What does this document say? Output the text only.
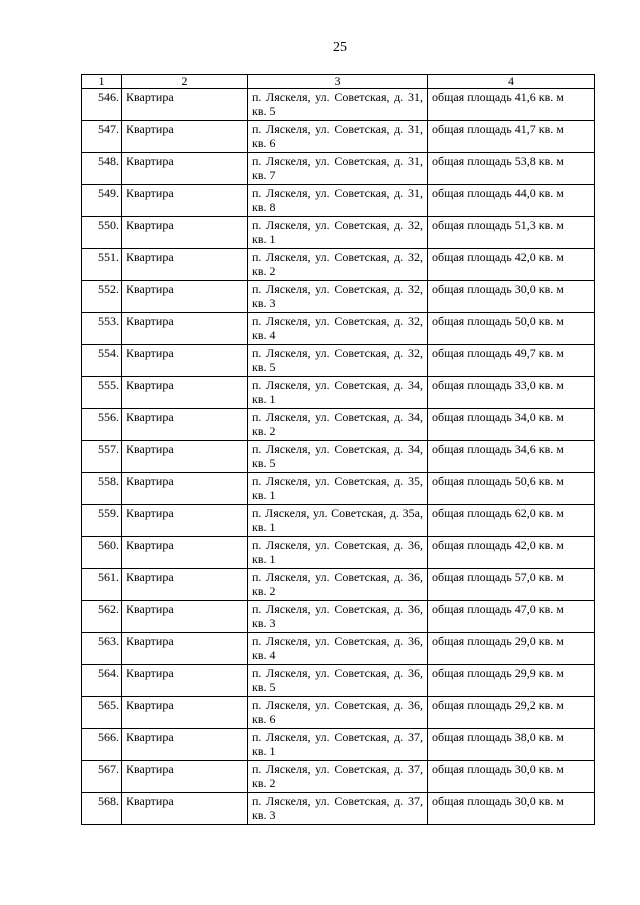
25
1	2	3	4
546.	Квартира	п. Ляскеля, ул. Советская, д. 31, кв. 5	общая площадь 41,6 кв. м
547.	Квартира	п. Ляскеля, ул. Советская, д. 31, кв. 6	общая площадь 41,7 кв. м
548.	Квартира	п. Ляскеля, ул. Советская, д. 31, кв. 7	общая площадь 53,8 кв. м
549.	Квартира	п. Ляскеля, ул. Советская, д. 31, кв. 8	общая площадь 44,0 кв. м
550.	Квартира	п. Ляскеля, ул. Советская, д. 32, кв. 1	общая площадь 51,3 кв. м
551.	Квартира	п. Ляскеля, ул. Советская, д. 32, кв. 2	общая площадь 42,0 кв. м
552.	Квартира	п. Ляскеля, ул. Советская, д. 32, кв. 3	общая площадь 30,0 кв. м
553.	Квартира	п. Ляскеля, ул. Советская, д. 32, кв. 4	общая площадь 50,0 кв. м
554.	Квартира	п. Ляскеля, ул. Советская, д. 32, кв. 5	общая площадь 49,7 кв. м
555.	Квартира	п. Ляскеля, ул. Советская, д. 34, кв. 1	общая площадь 33,0 кв. м
556.	Квартира	п. Ляскеля, ул. Советская, д. 34, кв. 2	общая площадь 34,0 кв. м
557.	Квартира	п. Ляскеля, ул. Советская, д. 34, кв. 5	общая площадь 34,6 кв. м
558.	Квартира	п. Ляскеля, ул. Советская, д. 35, кв. 1	общая площадь 50,6 кв. м
559.	Квартира	п. Ляскеля, ул. Советская, д. 35а, кв. 1	общая площадь 62,0 кв. м
560.	Квартира	п. Ляскеля, ул. Советская, д. 36, кв. 1	общая площадь 42,0 кв. м
561.	Квартира	п. Ляскеля, ул. Советская, д. 36, кв. 2	общая площадь 57,0 кв. м
562.	Квартира	п. Ляскеля, ул. Советская, д. 36, кв. 3	общая площадь 47,0 кв. м
563.	Квартира	п. Ляскеля, ул. Советская, д. 36, кв. 4	общая площадь 29,0 кв. м
564.	Квартира	п. Ляскеля, ул. Советская, д. 36, кв. 5	общая площадь 29,9 кв. м
565.	Квартира	п. Ляскеля, ул. Советская, д. 36, кв. 6	общая площадь 29,2 кв. м
566.	Квартира	п. Ляскеля, ул. Советская, д. 37, кв. 1	общая площадь 38,0 кв. м
567.	Квартира	п. Ляскеля, ул. Советская, д. 37, кв. 2	общая площадь 30,0 кв. м
568.	Квартира	п. Ляскеля, ул. Советская, д. 37, кв. 3	общая площадь 30,0 кв. м
